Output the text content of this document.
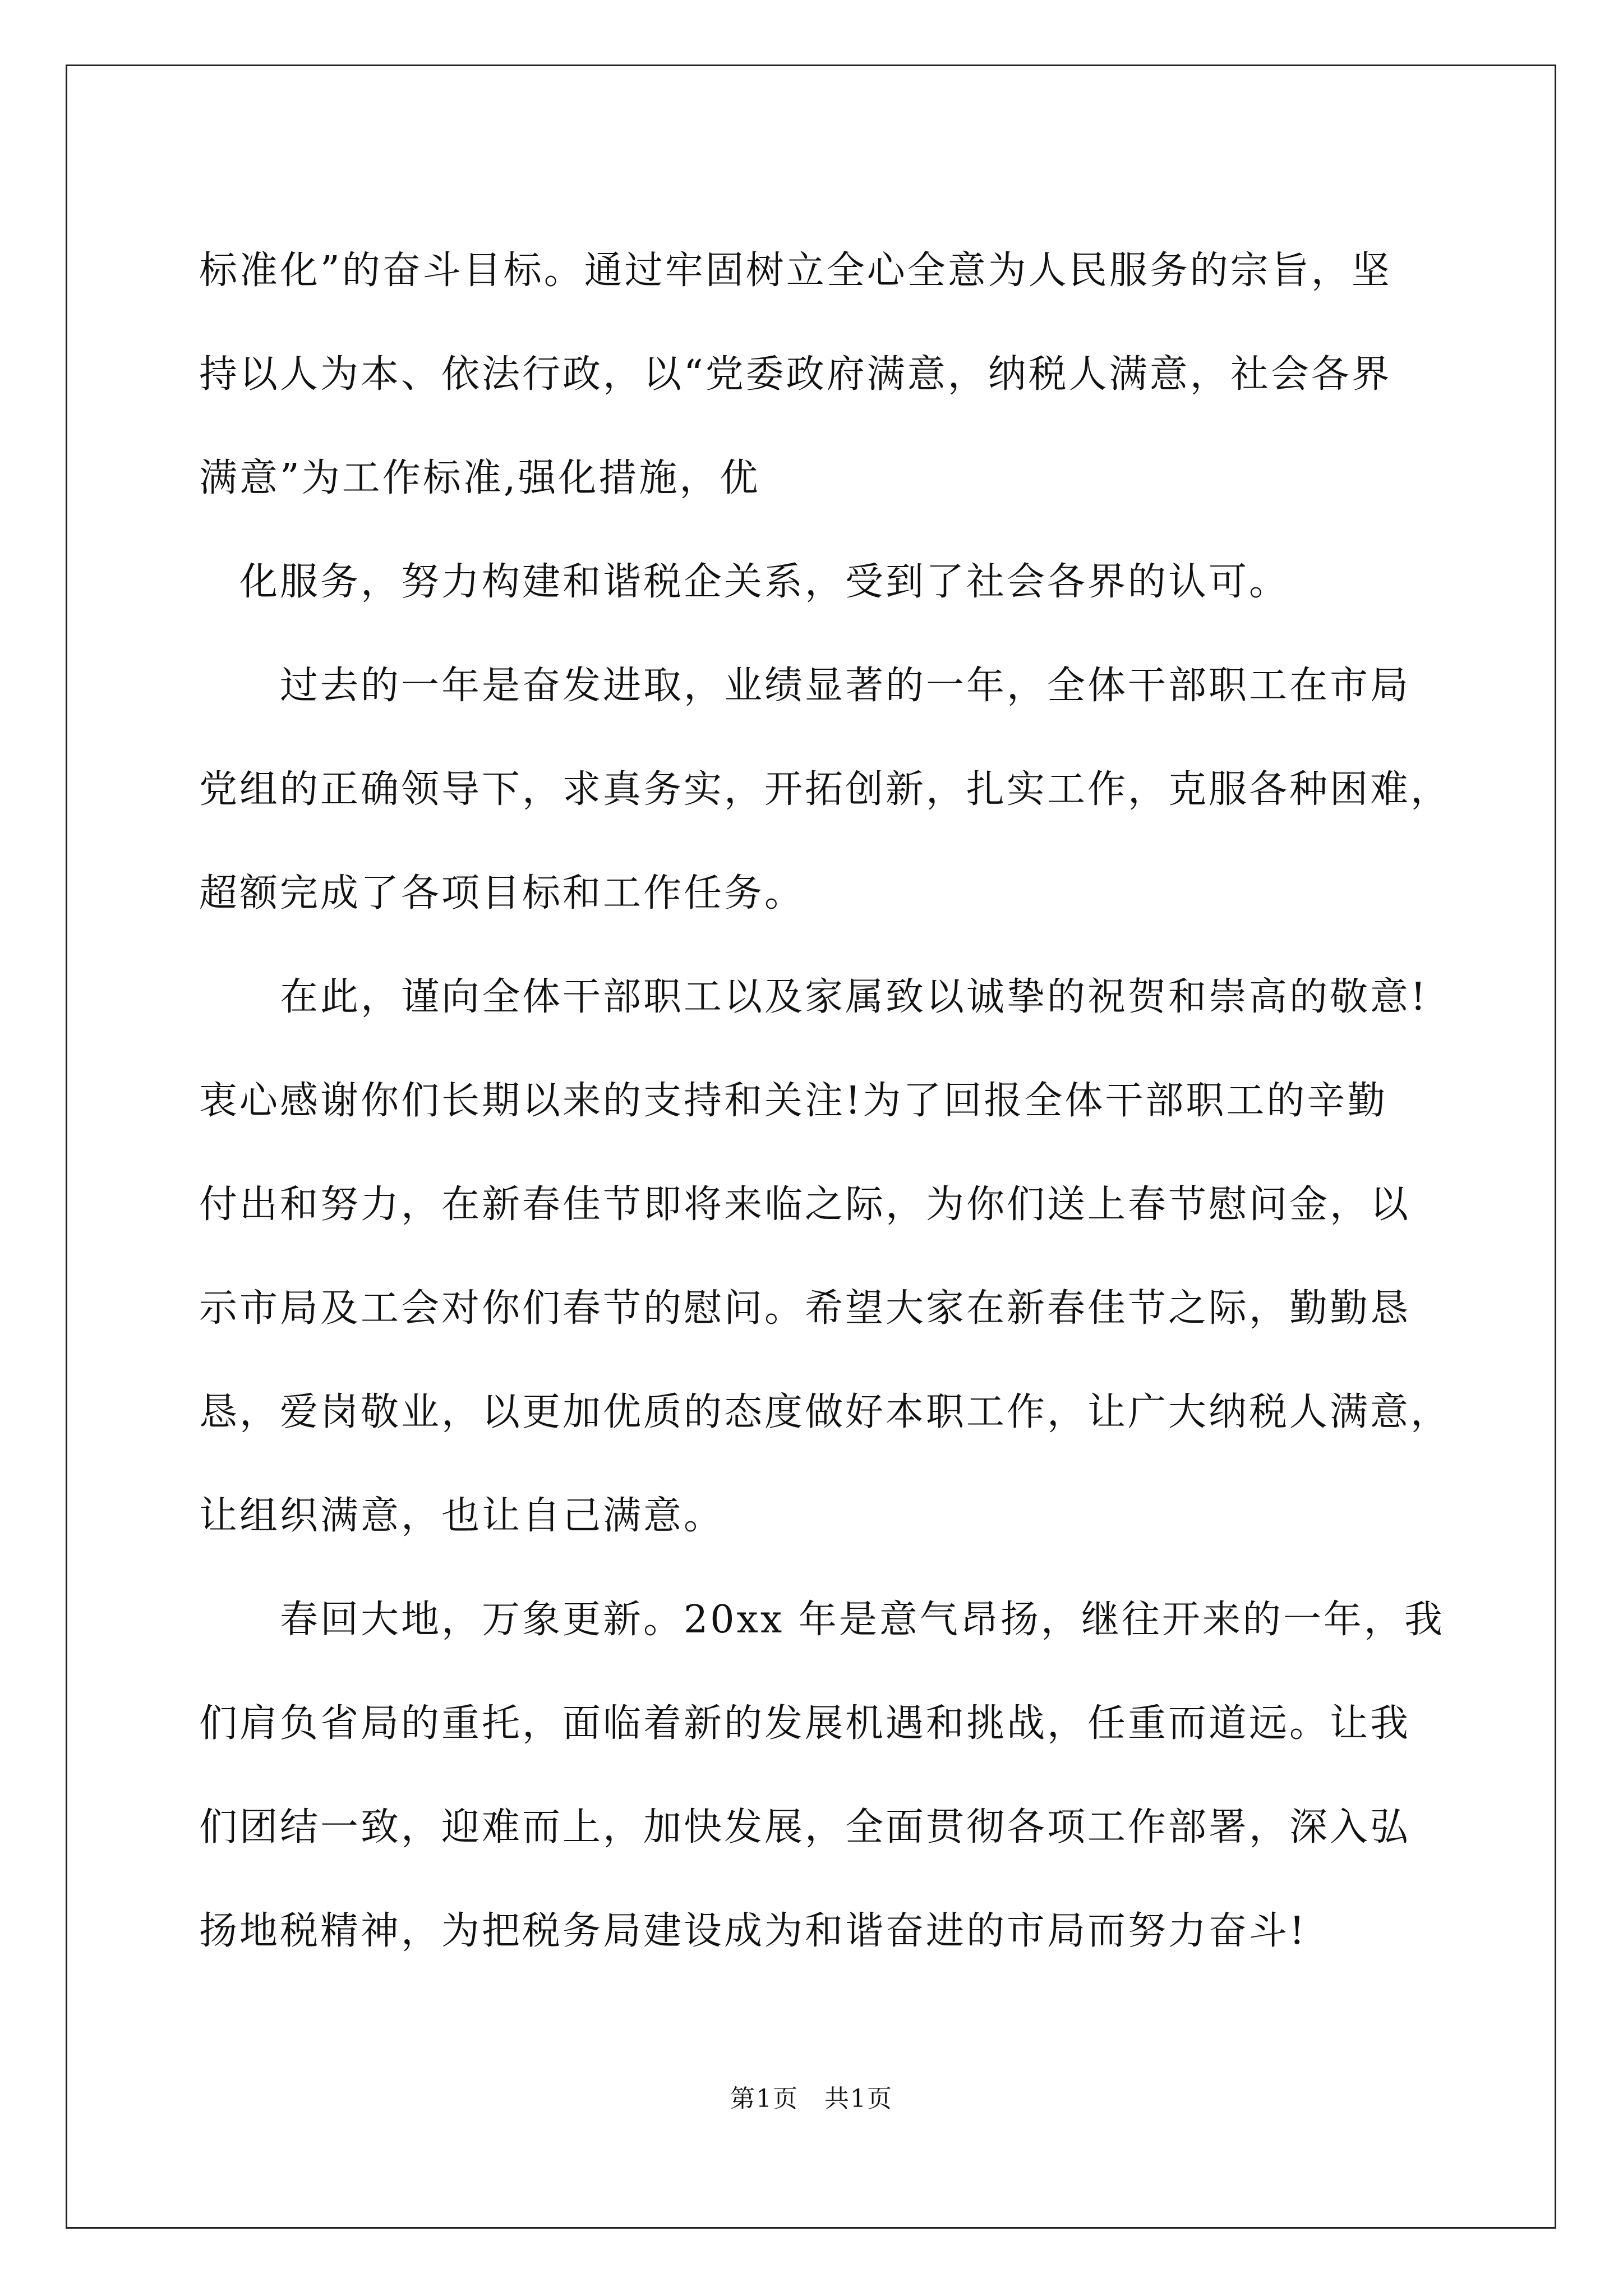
标准化”的奋斗目标。通过牢固树立全心全意为人民服务的宗旨，坚

持以人为本、依法行政，以“党委政府满意，纳税人满意，社会各界

满意”为工作标准,强化措施，优

　化服务，努力构建和谐税企关系，受到了社会各界的认可。

　　过去的一年是奋发进取，业绩显著的一年，全体干部职工在市局

党组的正确领导下，求真务实，开拓创新，扎实工作，克服各种困难，

超额完成了各项目标和工作任务。

　　在此，谨向全体干部职工以及家属致以诚挚的祝贺和崇高的敬意!

衷心感谢你们长期以来的支持和关注!为了回报全体干部职工的辛勤

付出和努力，在新春佳节即将来临之际，为你们送上春节慰问金，以

示市局及工会对你们春节的慰问。希望大家在新春佳节之际，勤勤恳

恳，爱岗敬业，以更加优质的态度做好本职工作，让广大纳税人满意，

让组织满意，也让自己满意。

　　春回大地，万象更新。20xx 年是意气昂扬，继往开来的一年，我

们肩负省局的重托，面临着新的发展机遇和挑战，任重而道远。让我

们团结一致，迎难而上，加快发展，全面贯彻各项工作部署，深入弘

扬地税精神，为把税务局建设成为和谐奋进的市局而努力奋斗!

第1页　共1页
